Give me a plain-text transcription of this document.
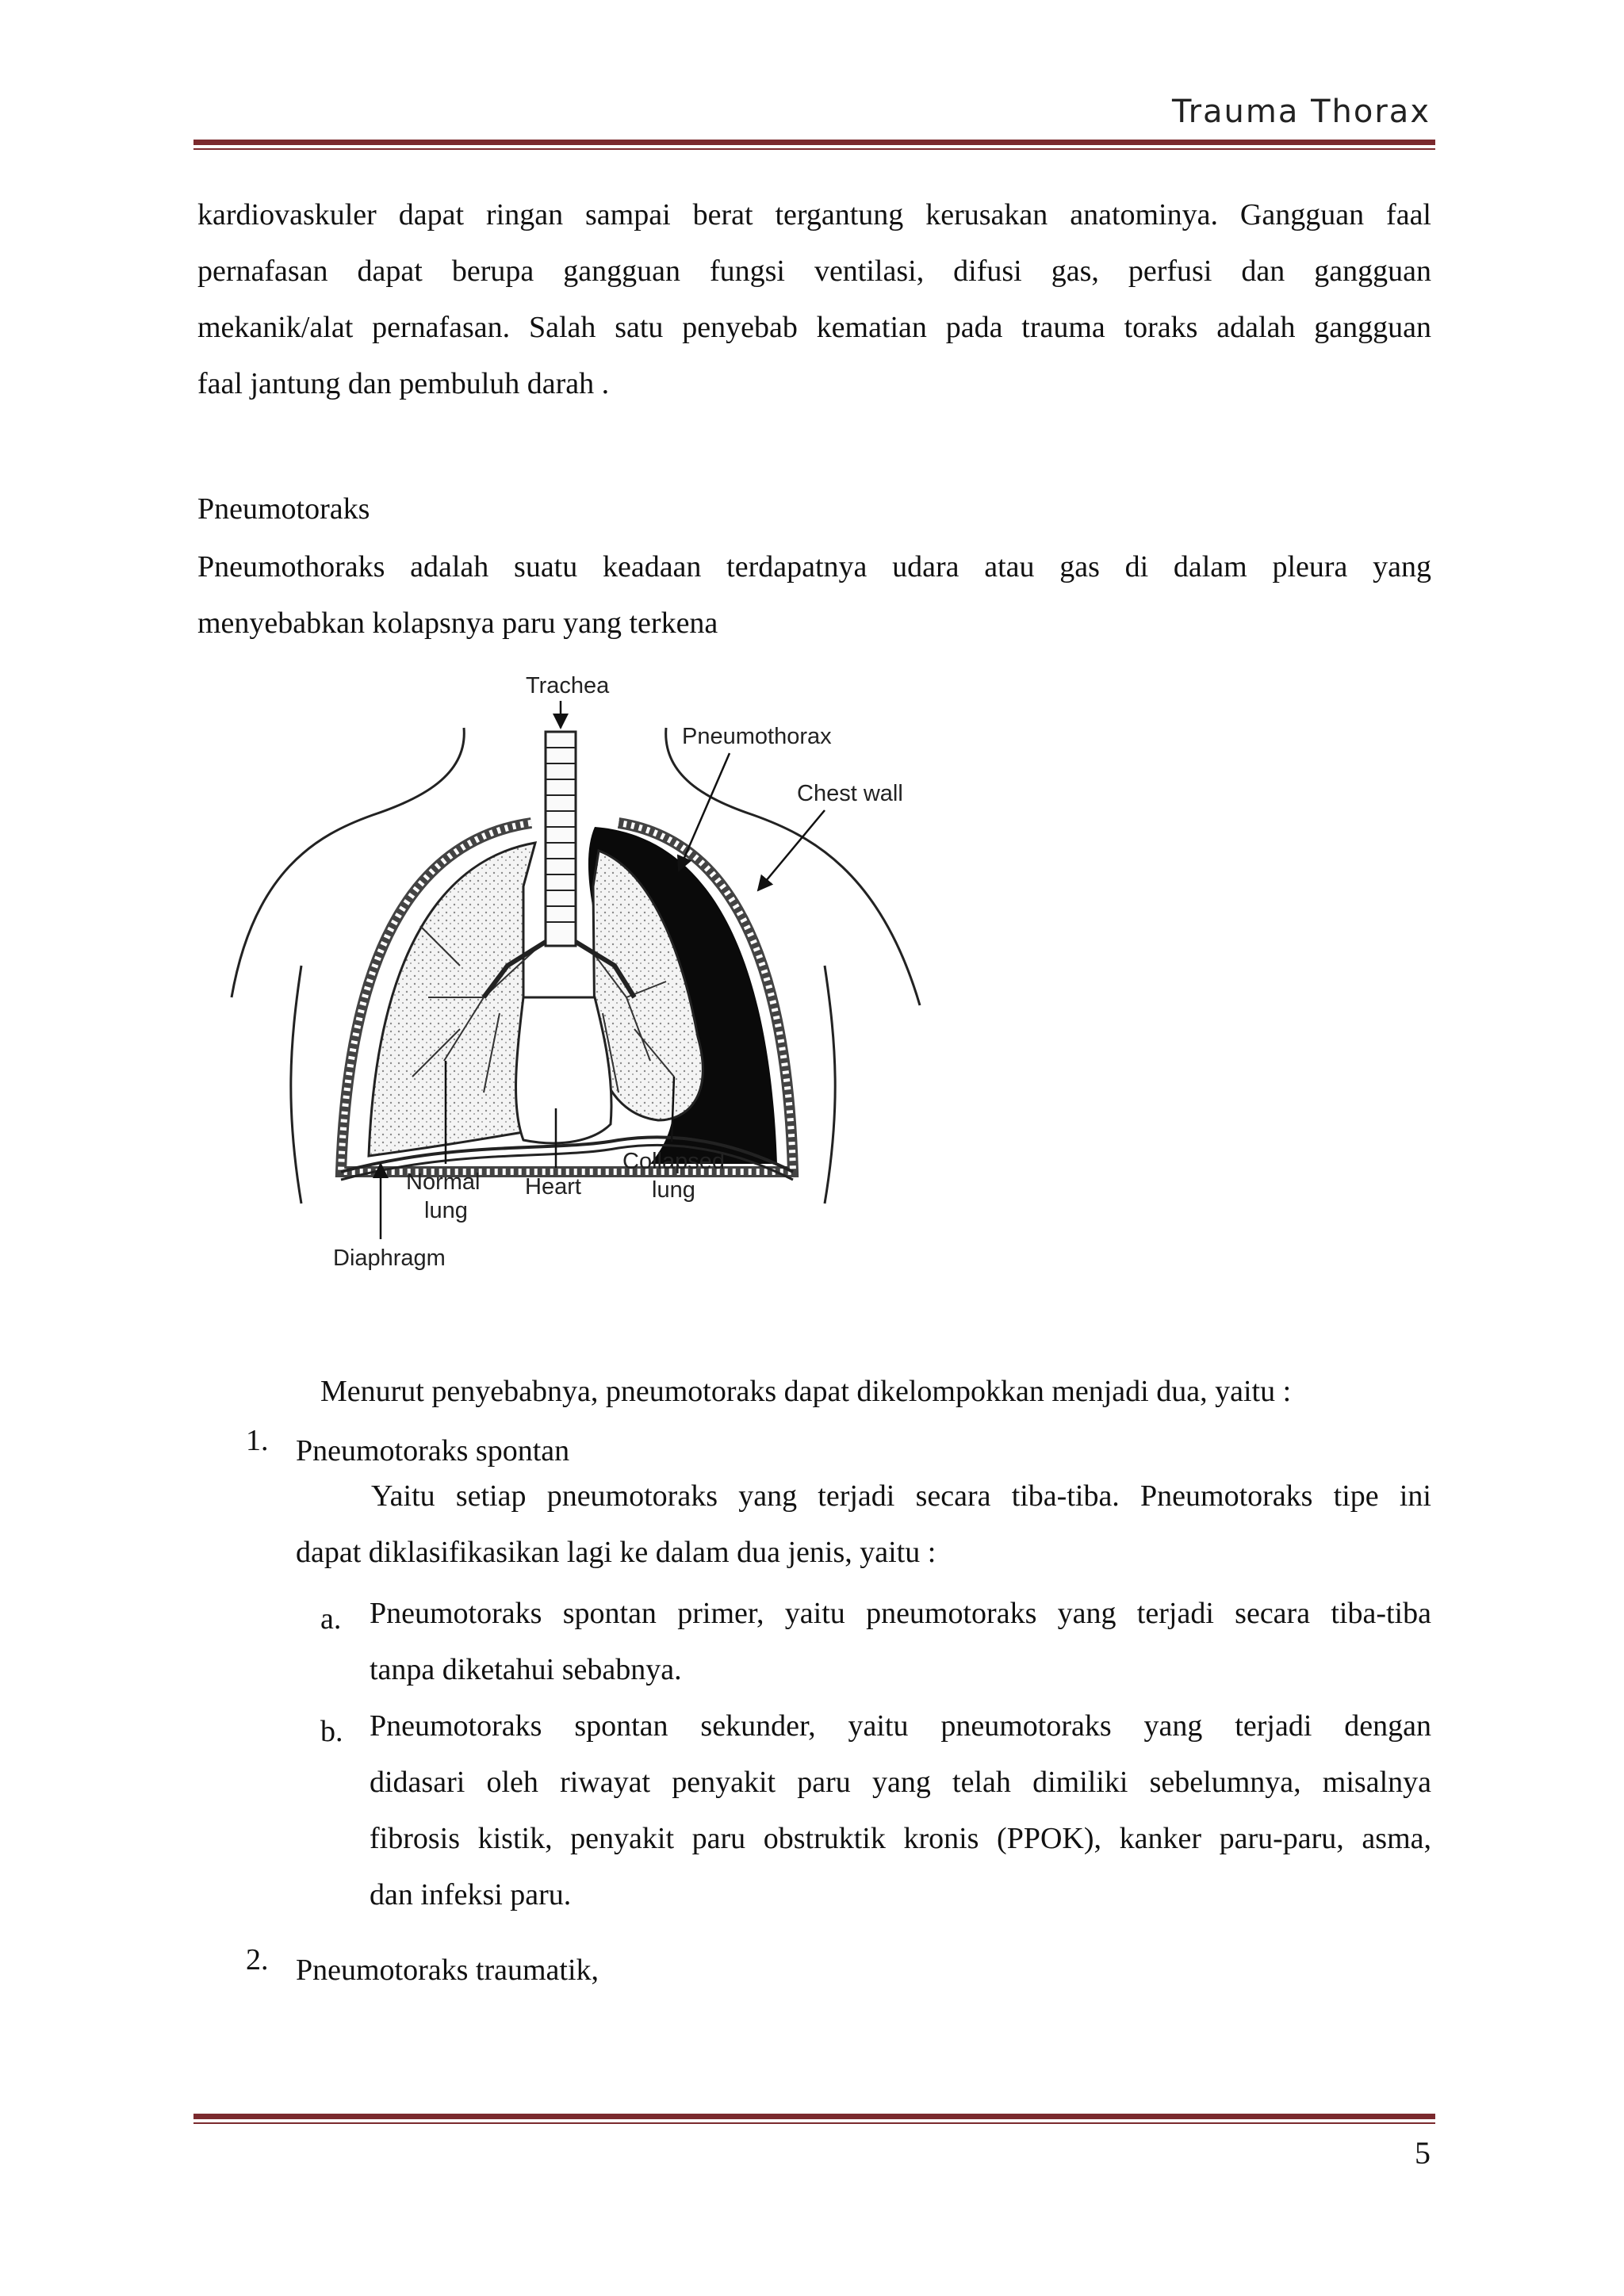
Trauma Thorax
kardiovaskuler dapat ringan sampai berat tergantung kerusakan anatominya. Gangguan faal
pernafasan dapat berupa gangguan fungsi ventilasi, difusi gas, perfusi dan gangguan
mekanik/alat pernafasan. Salah satu penyebab kematian pada trauma toraks adalah gangguan
faal jantung dan pembuluh darah .
Pneumotoraks
Pneumothoraks adalah suatu keadaan terdapatnya udara atau gas di dalam pleura yang
menyebabkan kolapsnya paru yang terkena
Trachea
Pneumothorax
Chest wall
Normal
lung
Heart
Collapsed
lung
Diaphragm
Menurut penyebabnya, pneumotoraks dapat dikelompokkan menjadi dua, yaitu :
1. Pneumotoraks spontan
Yaitu setiap pneumotoraks yang terjadi secara tiba-tiba. Pneumotoraks tipe ini
dapat diklasifikasikan lagi ke dalam dua jenis, yaitu :
a. Pneumotoraks spontan primer, yaitu pneumotoraks yang terjadi secara tiba-tiba
tanpa diketahui sebabnya.
b. Pneumotoraks spontan sekunder, yaitu pneumotoraks yang terjadi dengan
didasari oleh riwayat penyakit paru yang telah dimiliki sebelumnya, misalnya
fibrosis kistik, penyakit paru obstruktik kronis (PPOK), kanker paru-paru, asma,
dan infeksi paru.
2. Pneumotoraks traumatik,
5
